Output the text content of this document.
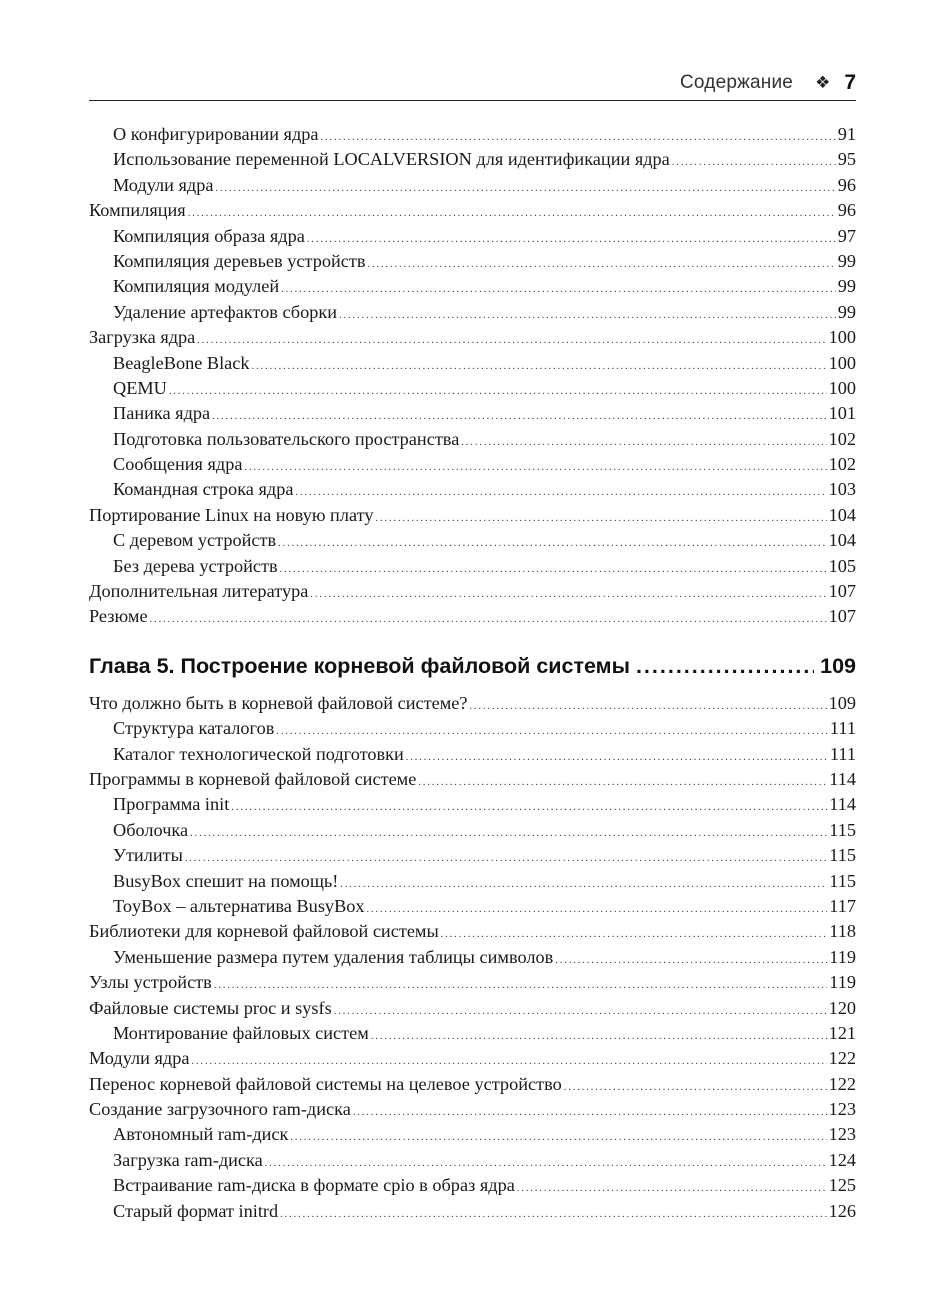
Содержание ❖ 7
О конфигурировании ядра .....	91
Использование переменной LOCALVERSION для идентификации ядра .....	95
Модули ядра .....	96
Компиляция .....	96
Компиляция образа ядра .....	97
Компиляция деревьев устройств .....	99
Компиляция модулей .....	99
Удаление артефактов сборки .....	99
Загрузка ядра .....	100
BeagleBone Black .....	100
QEMU .....	100
Паника ядра .....	101
Подготовка пользовательского пространства .....	102
Сообщения ядра .....	102
Командная строка ядра .....	103
Портирование Linux на новую плату .....	104
С деревом устройств .....	104
Без дерева устройств .....	105
Дополнительная литература .....	107
Резюме .....	107
Глава 5. Построение корневой файловой системы .....	109
Что должно быть в корневой файловой системе? .....	109
Структура каталогов .....	111
Каталог технологической подготовки .....	111
Программы в корневой файловой системе .....	114
Программа init .....	114
Оболочка .....	115
Утилиты .....	115
BusyBox спешит на помощь! .....	115
ToyBox – альтернатива BusyBox .....	117
Библиотеки для корневой файловой системы .....	118
Уменьшение размера путем удаления таблицы символов .....	119
Узлы устройств .....	119
Файловые системы proc и sysfs .....	120
Монтирование файловых систем .....	121
Модули ядра .....	122
Перенос корневой файловой системы на целевое устройство .....	122
Создание загрузочного ram-диска .....	123
Автономный ram-диск .....	123
Загрузка ram-диска .....	124
Встраивание ram-диска в формате cpio в образ ядра .....	125
Старый формат initrd .....	126
